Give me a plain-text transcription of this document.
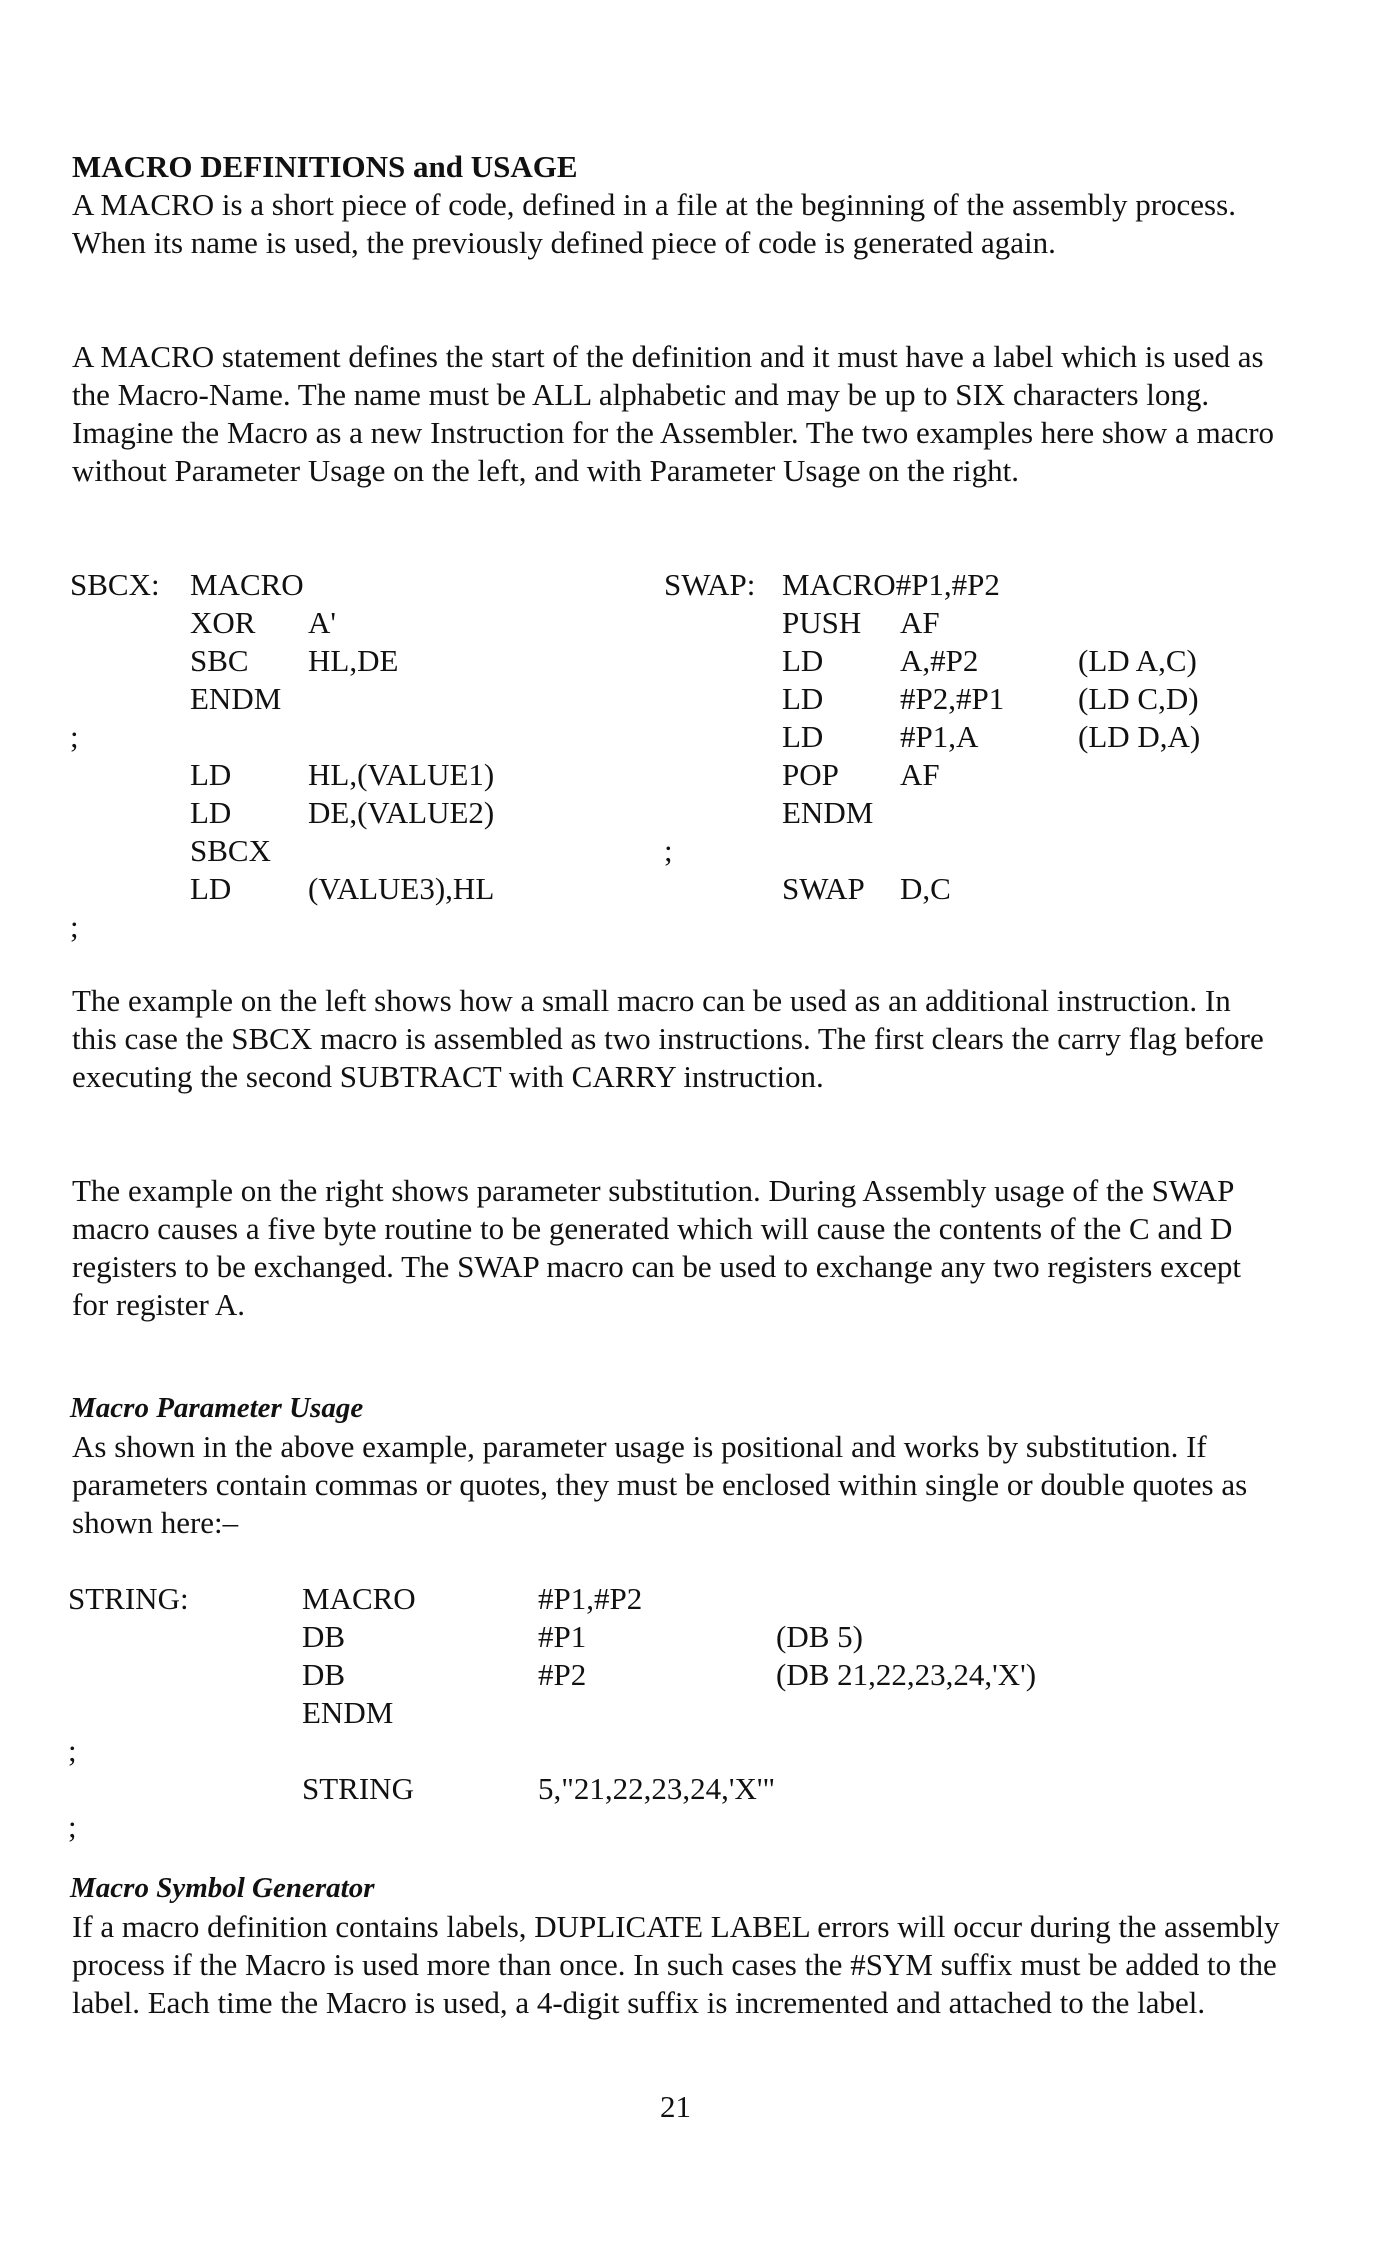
MACRO DEFINITIONS and USAGE

A MACRO is a short piece of code, defined in a file at the beginning of the assembly process. When its name is used, the previously defined piece of code is generated again.

A MACRO statement defines the start of the definition and it must have a label which is used as the Macro-Name. The name must be ALL alphabetic and may be up to SIX characters long. Imagine the Macro as a new Instruction for the Assembler. The two examples here show a macro without Parameter Usage on the left, and with Parameter Usage on the right.

SBCX: MACRO
XOR A'
SBC HL,DE
ENDM
;
LD HL,(VALUE1)
LD DE,(VALUE2)
SBCX
LD (VALUE3),HL
;
SWAP: MACRO#P1,#P2
PUSH AF
LD A,#P2	(LD A,C)
LD #P2,#P1 (LD C,D)
LD #P1,A	(LD D,A)
POP AF
ENDM
;
SWAP D,C

The example on the left shows how a small macro can be used as an additional instruction. In this case the SBCX macro is assembled as two instructions. The first clears the carry flag before executing the second SUBTRACT with CARRY instruction.

The example on the right shows parameter substitution. During Assembly usage of the SWAP macro causes a five byte routine to be generated which will cause the contents of the C and D registers to be exchanged. The SWAP macro can be used to exchange any two registers except for register A.

Macro Parameter Usage

As shown in the above example, parameter usage is positional and works by substitution. If parameters contain commas or quotes, they must be enclosed within single or double quotes as shown here:–

STRING:	MACRO	#P1,#P2
DB	#P1	(DB 5)
DB	#P2	(DB 21,22,23,24,'X')
ENDM
;
STRING	5,"21,22,23,24,'X'"
;
Macro Symbol Generator

If a macro definition contains labels, DUPLICATE LABEL errors will occur during the assembly process if the Macro is used more than once. In such cases the #SYM suffix must be added to the label. Each time the Macro is used, a 4-digit suffix is incremented and attached to the label.

21
